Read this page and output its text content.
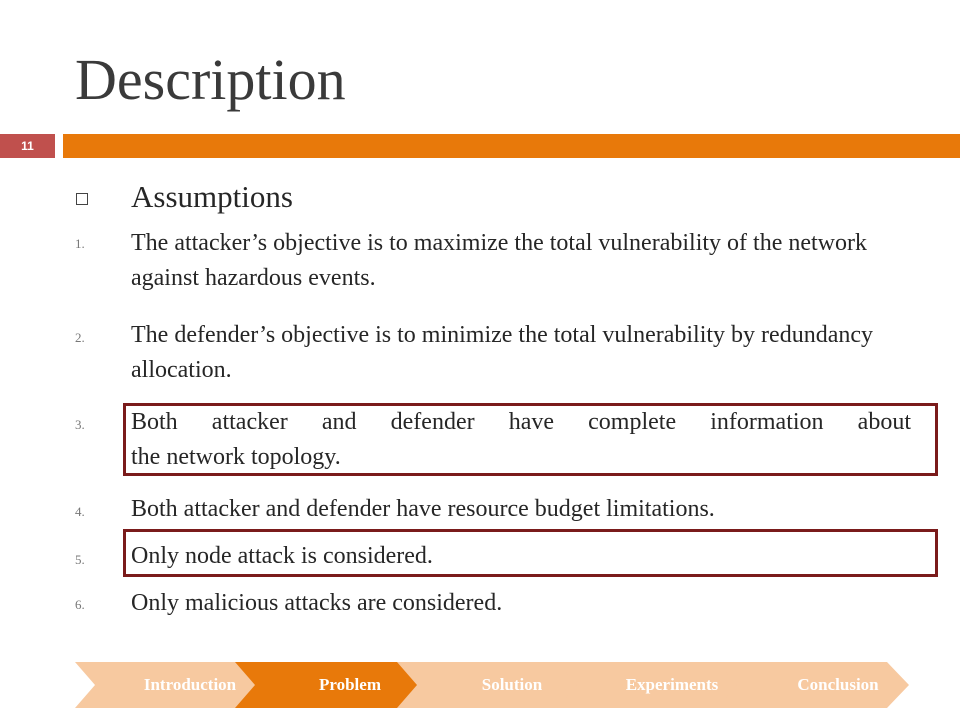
Description
11
Assumptions
1. The attacker’s objective is to maximize the total vulnerability of the network against hazardous events.
2. The defender’s objective is to minimize the total vulnerability by redundancy allocation.
3. Both attacker and defender have complete information about
the network topology.
4. Both attacker and defender have resource budget limitations.
5. Only node attack is considered.
6. Only malicious attacks are considered.
Introduction	Problem	Solution	Experiments	Conclusion
